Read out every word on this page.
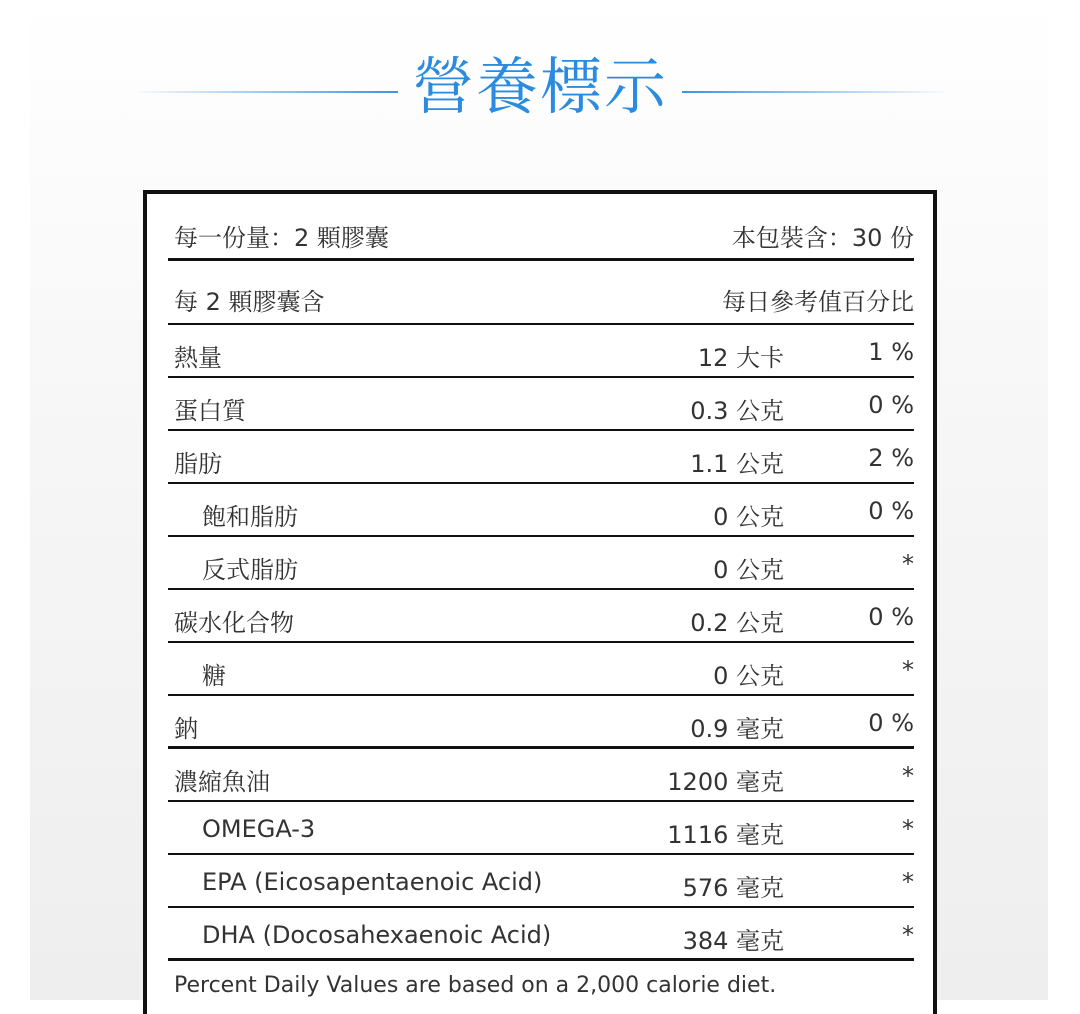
營養標示
每一份量：2 顆膠囊	本包裝含：30 份
每 2 顆膠囊含	每日參考值百分比
熱量	12 大卡	1 %
蛋白質	0.3 公克	0 %
脂肪	1.1 公克	2 %
飽和脂肪	0 公克	0 %
反式脂肪	0 公克	*
碳水化合物	0.2 公克	0 %
糖	0 公克	*
鈉	0.9 毫克	0 %
濃縮魚油	1200 毫克	*
OMEGA-3	1116 毫克	*
EPA (Eicosapentaenoic Acid)	576 毫克	*
DHA (Docosahexaenoic Acid)	384 毫克	*
Percent Daily Values are based on a 2,000 calorie diet.
